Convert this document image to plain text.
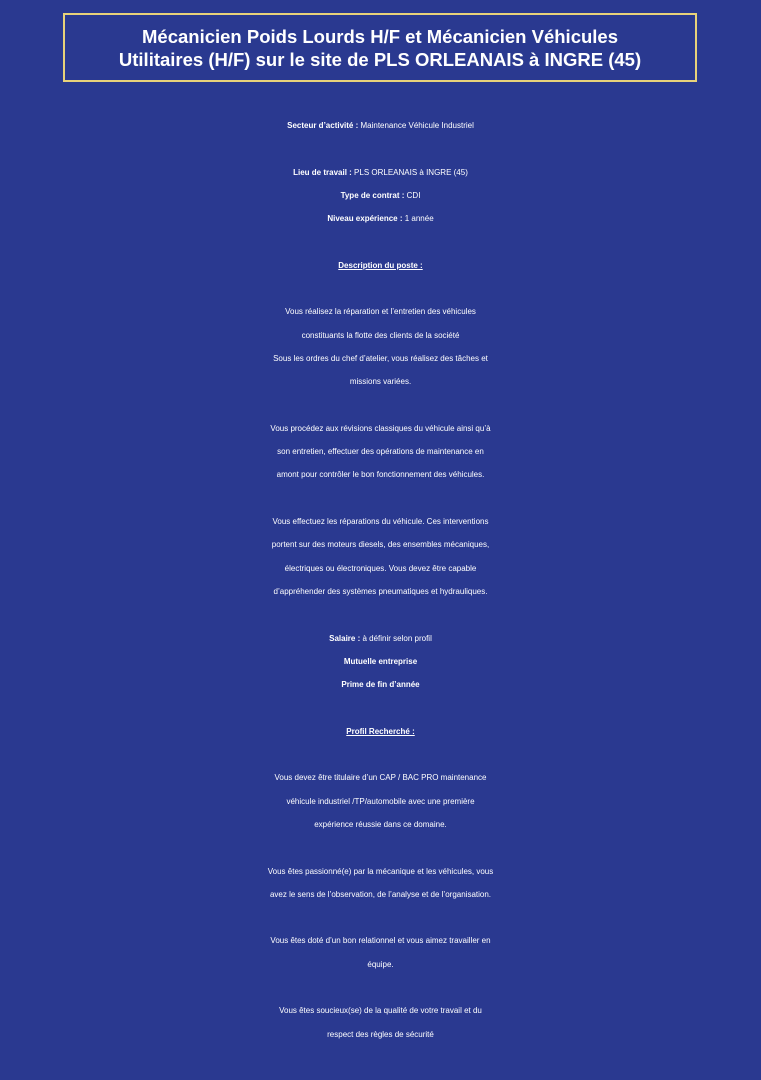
Mécanicien Poids Lourds H/F et Mécanicien Véhicules
Utilitaires (H/F) sur le site de PLS ORLEANAIS à INGRE (45)
Secteur d’activité : Maintenance Véhicule Industriel
Lieu de travail : PLS ORLEANAIS à INGRE (45)
Type de contrat : CDI
Niveau expérience : 1 année
Description du poste :
Vous réalisez la réparation et l’entretien des véhicules
constituants la flotte des clients de la société
Sous les ordres du chef d’atelier, vous réalisez des tâches et
missions variées.
Vous procédez aux révisions classiques du véhicule ainsi qu’à
son entretien, effectuer des opérations de maintenance en
amont pour contrôler le bon fonctionnement des véhicules.
Vous effectuez les réparations du véhicule. Ces interventions
portent sur des moteurs diesels, des ensembles mécaniques,
électriques ou électroniques. Vous devez être capable
d’appréhender des systèmes pneumatiques et hydrauliques.
Salaire : à définir selon profil
Mutuelle entreprise
Prime de fin d’année
Profil Recherché :
Vous devez être titulaire d’un CAP / BAC PRO maintenance
véhicule industriel /TP/automobile avec une première
expérience réussie dans ce domaine.
Vous êtes passionné(e) par la mécanique et les véhicules, vous
avez le sens de l’observation, de l’analyse et de l’organisation.
Vous êtes doté d’un bon relationnel et vous aimez travailler en
équipe.
Vous êtes soucieux(se) de la qualité de votre travail et du
respect des règles de sécurité
